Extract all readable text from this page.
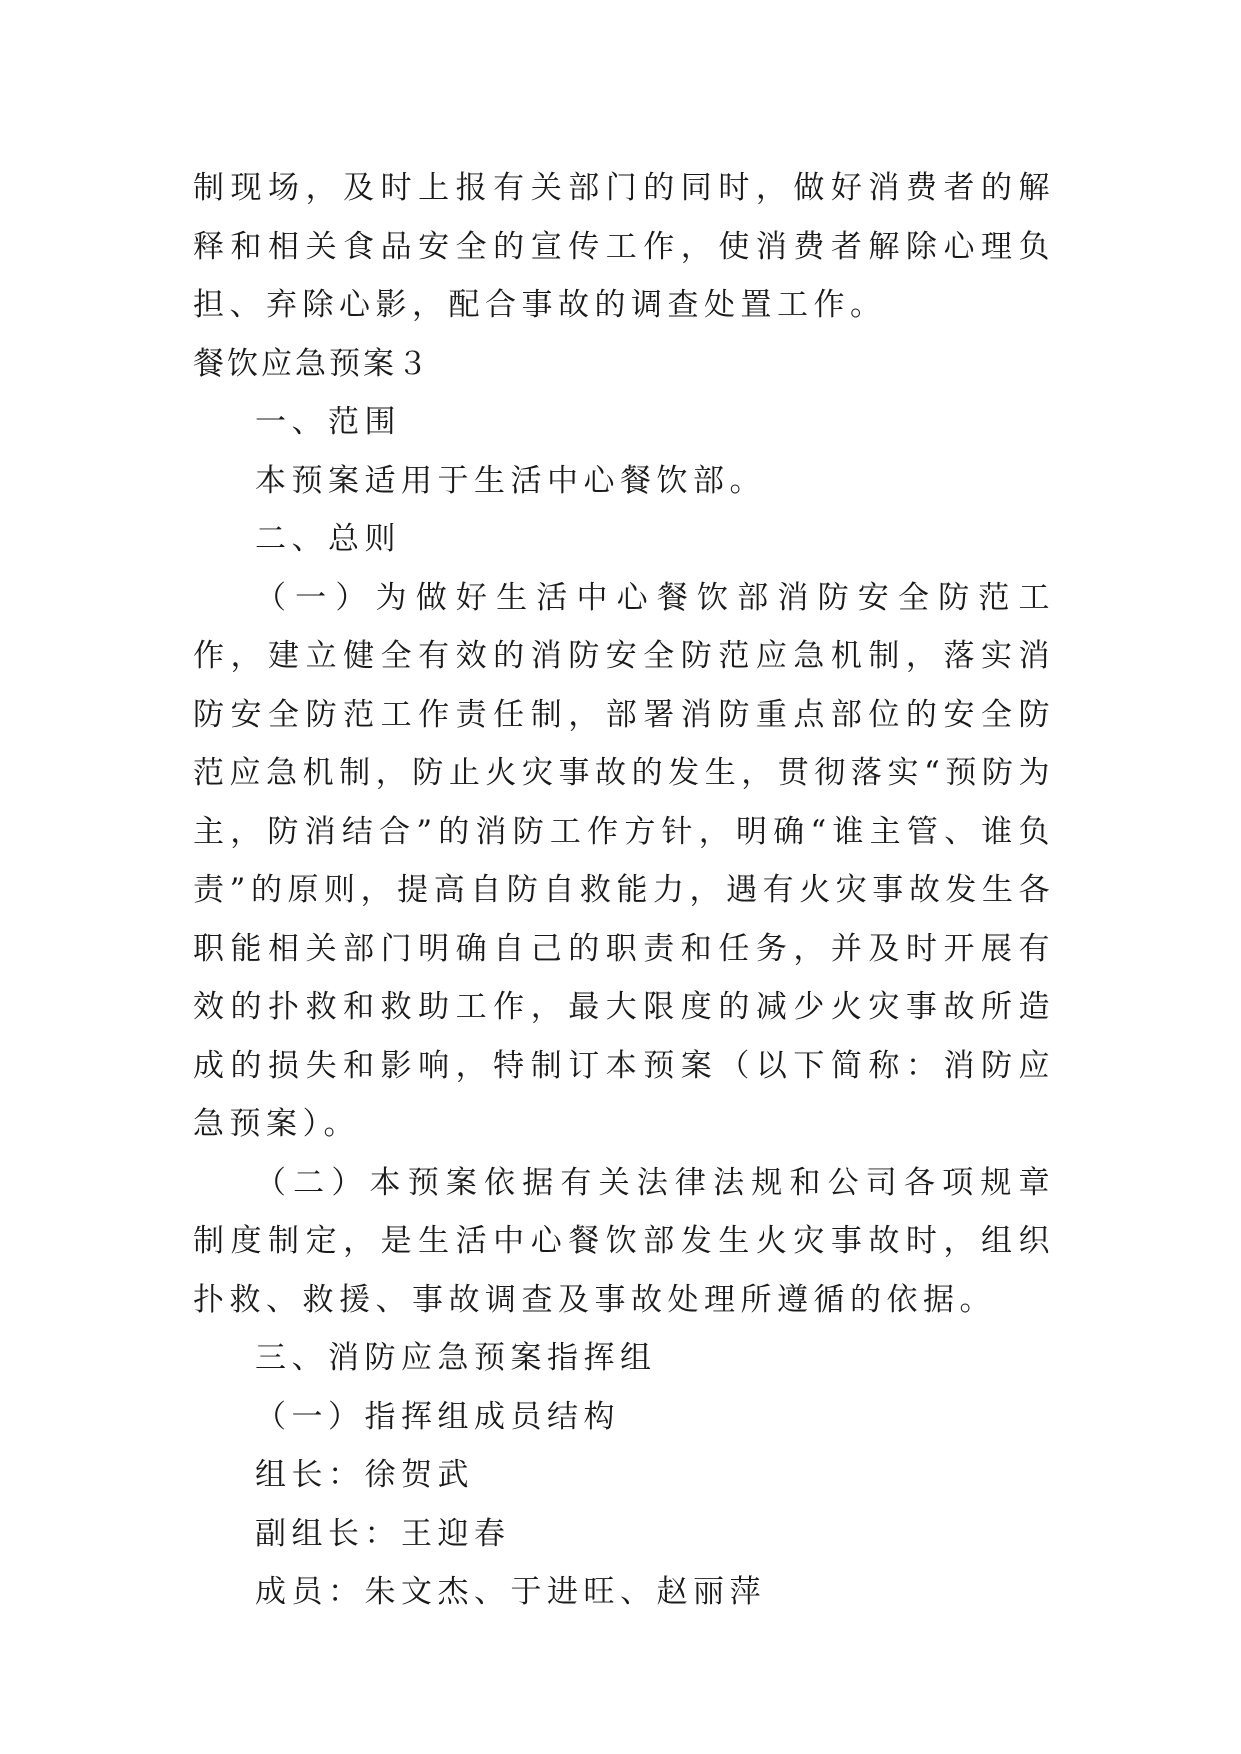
制现场，及时上报有关部门的同时，做好消费者的解释和相关食品安全的宣传工作，使消费者解除心理负担、弃除心影，配合事故的调查处置工作。

餐饮应急预案３

一、范围

本预案适用于生活中心餐饮部。

二、总则

（一）为做好生活中心餐饮部消防安全防范工作，建立健全有效的消防安全防范应急机制，落实消防安全防范工作责任制，部署消防重点部位的安全防范应急机制，防止火灾事故的发生，贯彻落实“预防为主，防消结合”的消防工作方针，明确“谁主管、谁负责”的原则，提高自防自救能力，遇有火灾事故发生各职能相关部门明确自己的职责和任务，并及时开展有效的扑救和救助工作，最大限度的减少火灾事故所造成的损失和影响，特制订本预案（以下简称：消防应急预案）。

（二）本预案依据有关法律法规和公司各项规章制度制定，是生活中心餐饮部发生火灾事故时，组织扑救、救援、事故调查及事故处理所遵循的依据。

三、消防应急预案指挥组

（一）指挥组成员结构

组长：徐贺武

副组长：王迎春

成员：朱文杰、于进旺、赵丽萍
